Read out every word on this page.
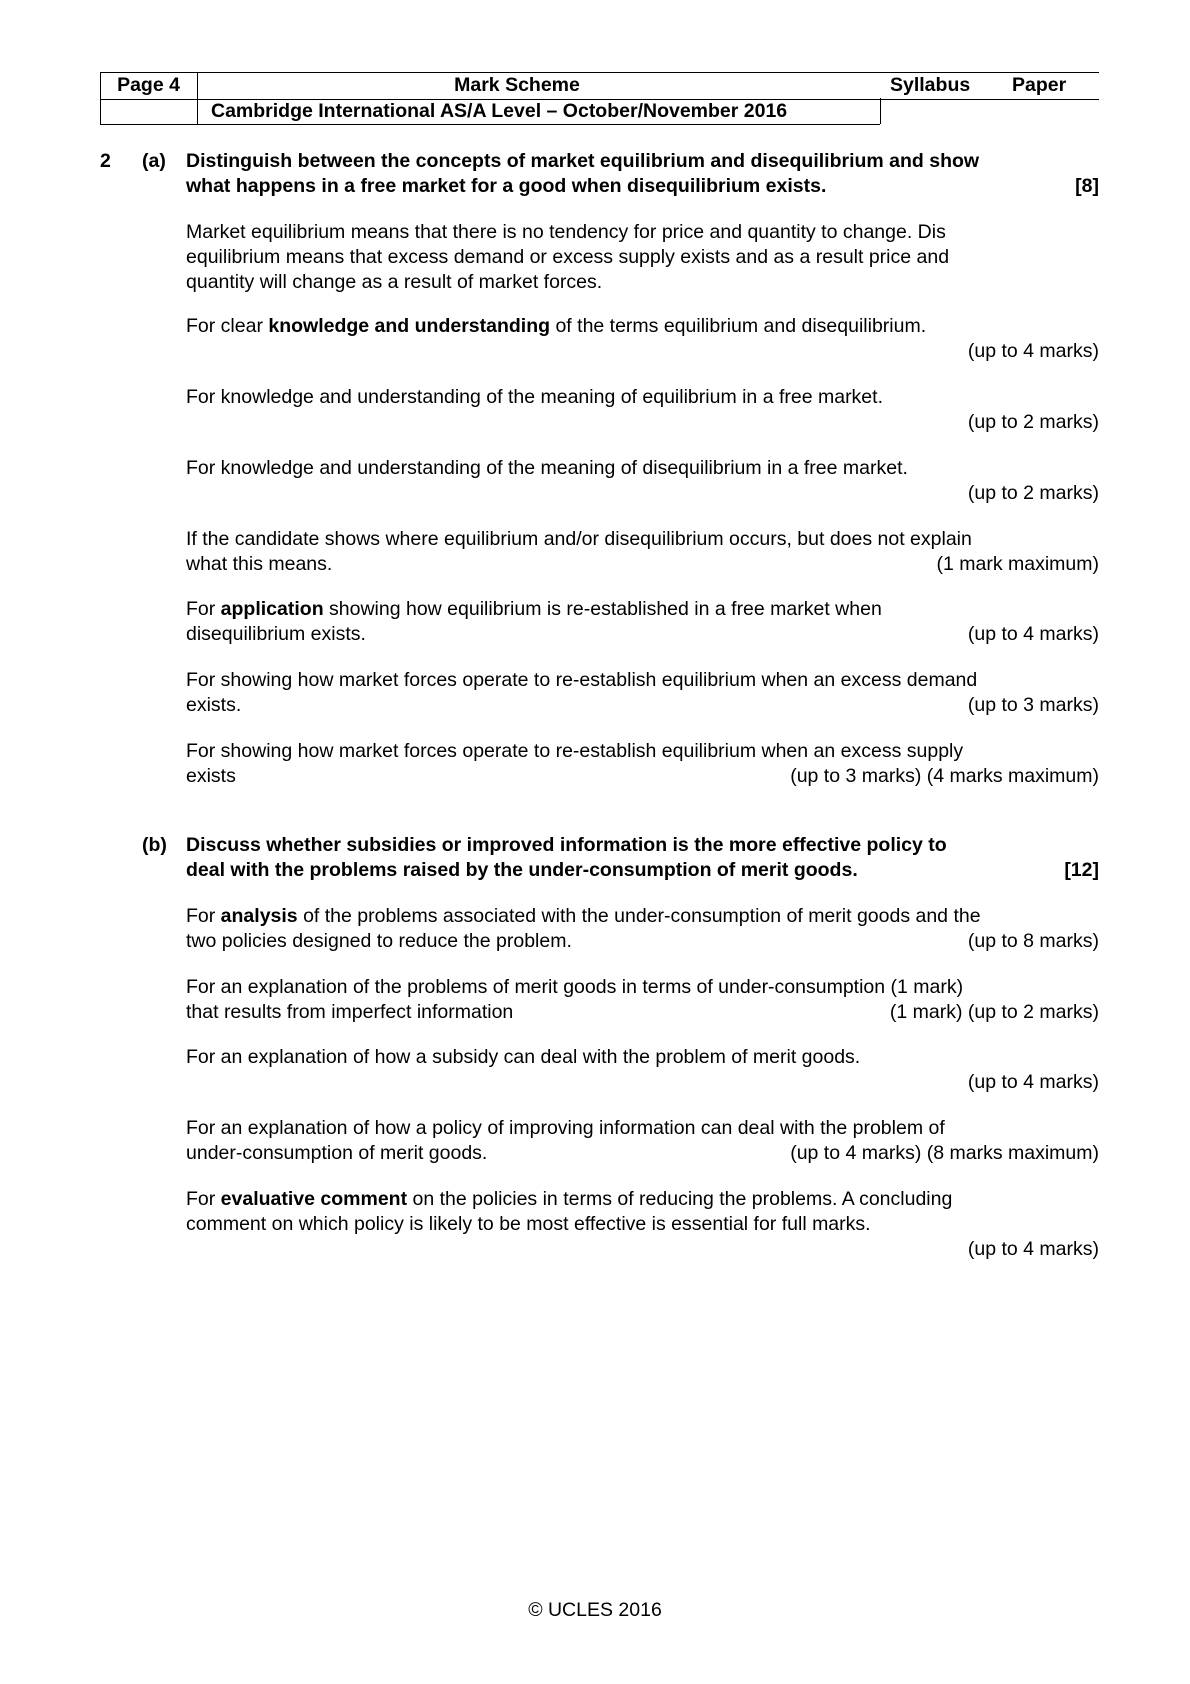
Page 4	Mark Scheme	Syllabus	Paper
Cambridge International AS/A Level – October/November 2016
2 (a) Distinguish between the concepts of market equilibrium and disequilibrium and show
what happens in a free market for a good when disequilibrium exists.	[8]
Market equilibrium means that there is no tendency for price and quantity to change. Dis
equilibrium means that excess demand or excess supply exists and as a result price and
quantity will change as a result of market forces.
For clear knowledge and understanding of the terms equilibrium and disequilibrium.
(up to 4 marks)
For knowledge and understanding of the meaning of equilibrium in a free market.
(up to 2 marks)
For knowledge and understanding of the meaning of disequilibrium in a free market.
(up to 2 marks)
If the candidate shows where equilibrium and/or disequilibrium occurs, but does not explain
what this means.	(1 mark maximum)
For application showing how equilibrium is re-established in a free market when
disequilibrium exists.	(up to 4 marks)
For showing how market forces operate to re-establish equilibrium when an excess demand
exists.	(up to 3 marks)
For showing how market forces operate to re-establish equilibrium when an excess supply
exists	(up to 3 marks) (4 marks maximum)
(b) Discuss whether subsidies or improved information is the more effective policy to
deal with the problems raised by the under-consumption of merit goods.	[12]
For analysis of the problems associated with the under-consumption of merit goods and the
two policies designed to reduce the problem.	(up to 8 marks)
For an explanation of the problems of merit goods in terms of under-consumption (1 mark)
that results from imperfect information	(1 mark) (up to 2 marks)
For an explanation of how a subsidy can deal with the problem of merit goods.
(up to 4 marks)
For an explanation of how a policy of improving information can deal with the problem of
under-consumption of merit goods.	(up to 4 marks) (8 marks maximum)
For evaluative comment on the policies in terms of reducing the problems. A concluding
comment on which policy is likely to be most effective is essential for full marks.
(up to 4 marks)
© UCLES 2016
